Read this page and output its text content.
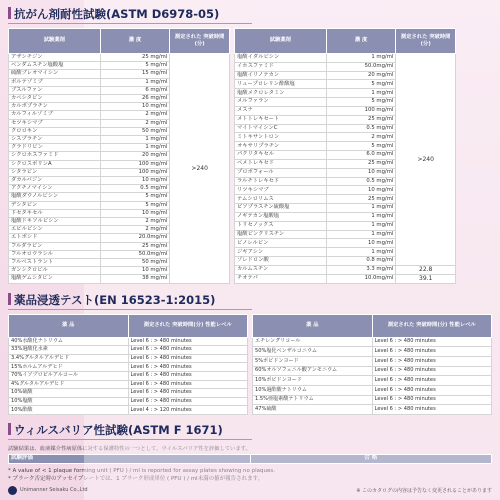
抗がん剤耐性試験(ASTM D6978-05)
試験薬剤	濃 度	測定された 突破時間 (分)
アザシチジン	25 mg/ml	>240
ベンダムスチン塩酸塩	5 mg/ml	
硫酸ブレオマイシン	15 mg/ml	
ボルテゾミブ	1 mg/ml	
ブスルファン	6 mg/ml	
カペシタビン	26 mg/ml	
カルボプラチン	10 mg/ml	
カルフィルゾミブ	2 mg/ml	
セツキシマブ	2 mg/ml	
クロロキン	50 mg/ml	
シスプラチン	1 mg/ml	
クラドリビン	1 mg/ml	
シクロホスファミド	20 mg/ml	
シクロスポリンA	100 mg/ml	
シタラビン	100 mg/ml	
ダカルバジン	10 mg/ml	
アクチノマイシン	0.5 mg/ml	
塩酸ダウノルビシン	5 mg/ml	
デシタビン	5 mg/ml	
ドセタキセル	10 mg/ml	
塩酸ドキソルビシン	2 mg/ml	
エピルビシン	2 mg/ml	
エトポシド	20.0mg/ml	
フルダラビン	25 mg/ml	
フルオロウラシル	50.0mg/ml	
フルベストラント	50 mg/ml	
ガンシクロビル	10 mg/ml	
塩酸ゲムシタビン	38 mg/ml	
試験薬剤	濃 度	測定された 突破時間 (分)
塩酸イダルビシン	1 mg/ml	>240
イホスファミド	50.0mg/ml	
塩酸イリノテカン	20 mg/ml	
リュープロレリン酢酸塩	5 mg/ml	
塩酸メクロレタミン	1 mg/ml	
メルファラン	5 mg/ml	
メスナ	100 mg/ml	
メトトレキセート	25 mg/ml	
マイトマイシンC	0.5 mg/ml	
ミトキサントロン	2 mg/ml	
オキサリプラチン	5 mg/ml	
パクリタキセル	6.0 mg/ml	
ペメトレキセド	25 mg/ml	
プロポフォール	10 mg/ml	
ラルチトレキセド	0.5 mg/ml	
リツキシマブ	10 mg/ml	
テムシロリムス	25 mg/ml	
ピソプラスチン硫酸塩	1 mg/ml	
ノギテカン塩酸塩	1 mg/ml	
トリセノックス	1 mg/ml	
塩酸ビンクリスチン	1 mg/ml	
ビノレルビン	10 mg/ml	
ジギアシン	1 mg/ml	
ゾレドロン酸	0.8 mg/ml	
カルムスチン	3.3 mg/ml	22.8
チオテパ	10.0mg/ml	39.1
薬品浸透テスト(EN 16523-1:2015)
薬 品	測定された 突破時間(分) 性能レベル
40%水酸化ナトリウム	Level 6 : > 480 minutes
33%過酸化水素	Level 6 : > 480 minutes
3.4%グルタルアルデヒド	Level 6 : > 480 minutes
15%ホルムアルデヒド	Level 6 : > 480 minutes
70%イソプロピルアルコール	Level 6 : > 480 minutes
4%グルタルアルデヒド	Level 6 : > 480 minutes
10%硫酸	Level 6 : > 480 minutes
10%塩酸	Level 6 : > 480 minutes
10%酢酸	Level 4 : > 120 minutes
薬 品	測定された 突破時間(分) 性能レベル
エチレングリコール	Level 6 : > 480 minutes
50%塩化ベンザルコニウム	Level 6 : > 480 minutes
5%ポビドンヨード	Level 6 : > 480 minutes
60%オルソフェニル酸アンモニウム	Level 6 : > 480 minutes
10%ポビドンヨード	Level 6 : > 480 minutes
10%過酢酸ナトリウム	Level 6 : > 480 minutes
1.5%亜塩素酸ナトリウム	Level 6 : > 480 minutes
47%硫酸	Level 6 : > 480 minutes
ウィルスバリア性試験(ASTM F 1671)
試験結果は、血液媒介性病原体に対する保護特性の一つとして、ウイルスバリア性を評価しています。
試験評価	合 格
* A value of < 1 plaque forming unit ( PFU ) / ml is reported for assay plates showing no plaques.
* プラーク否定時のアッセイプレートでは、1 プラーク形成単位 ( PFU ) / ml未満の値が報告されます。
Unimanner Seisaku Co.,Ltd	※ このカタログの内容は予告なく変更されることがあります
